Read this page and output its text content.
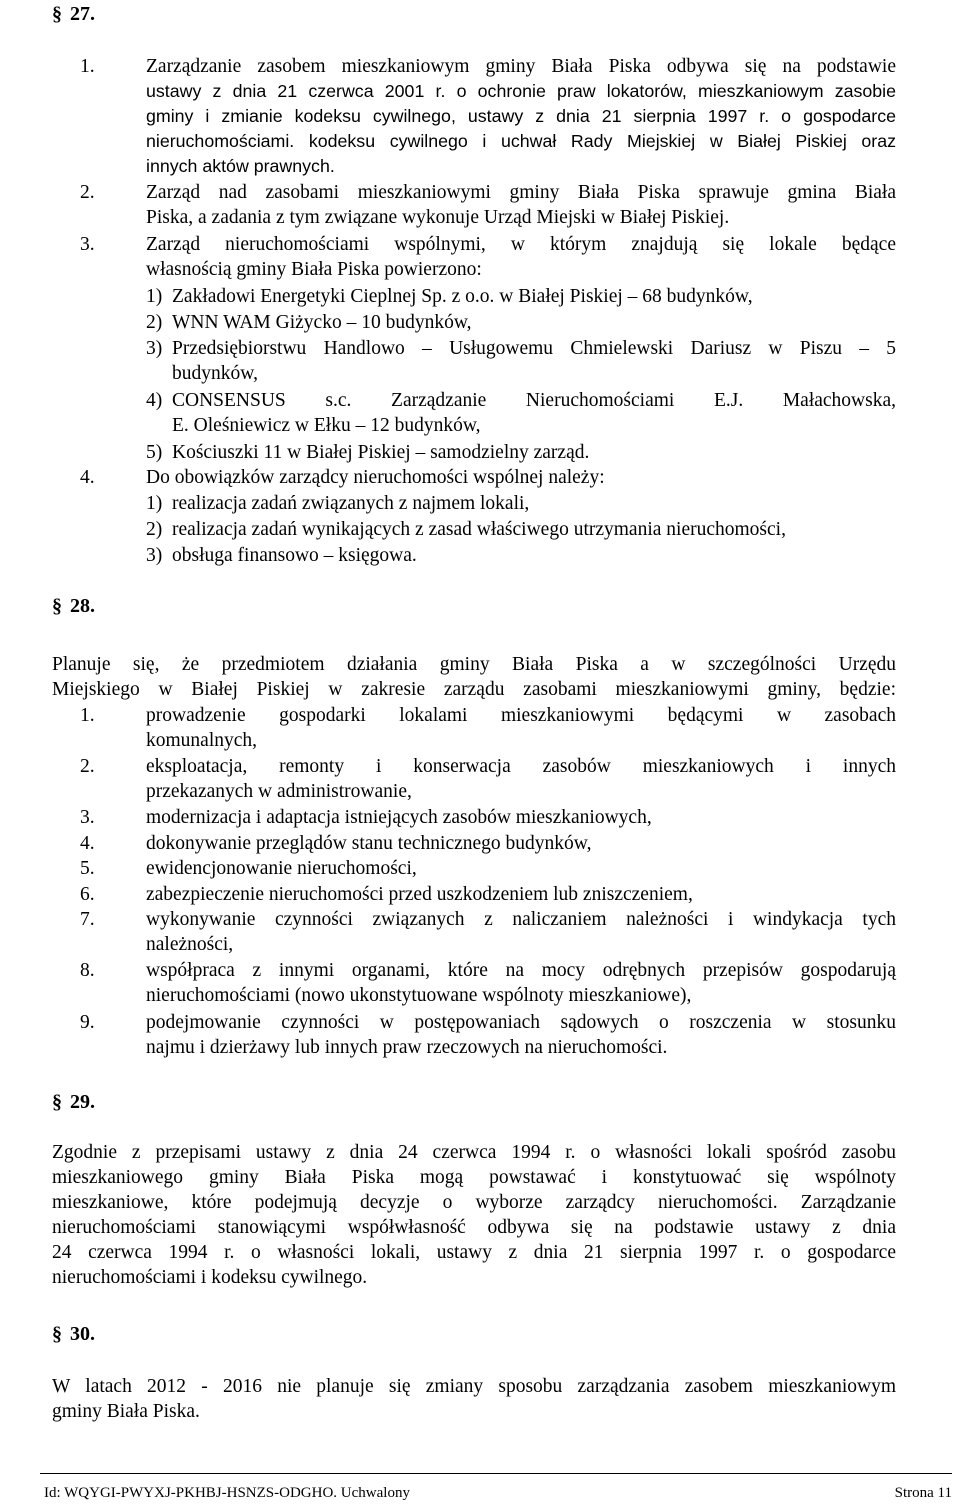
§ 27.
1.	Zarządzanie zasobem mieszkaniowym gminy Biała Piska odbywa się na podstawie
ustawy z dnia 21 czerwca 2001 r. o ochronie praw lokatorów, mieszkaniowym zasobie
gminy i zmianie kodeksu cywilnego, ustawy z dnia 21 sierpnia 1997 r. o gospodarce
nieruchomościami. kodeksu cywilnego i uchwał Rady Miejskiej w Białej Piskiej oraz
innych aktów prawnych.
2.	Zarząd nad zasobami mieszkaniowymi gminy Biała Piska sprawuje gmina Biała
Piska, a zadania z tym związane wykonuje Urząd Miejski w Białej Piskiej.
3.	Zarząd nieruchomościami wspólnymi, w którym znajdują się lokale będące
własnością gminy Biała Piska powierzono:
1) Zakładowi Energetyki Cieplnej Sp. z o.o. w Białej Piskiej – 68 budynków,
2) WNN WAM Giżycko – 10 budynków,
3) Przedsiębiorstwu Handlowo – Usługowemu Chmielewski Dariusz w Piszu – 5
budynków,
4) CONSENSUS s.c. Zarządzanie Nieruchomościami E.J. Małachowska,
E. Oleśniewicz w Ełku – 12 budynków,
5) Kościuszki 11 w Białej Piskiej – samodzielny zarząd.
4.	Do obowiązków zarządcy nieruchomości wspólnej należy:
1) realizacja zadań związanych z najmem lokali,
2) realizacja zadań wynikających z zasad właściwego utrzymania nieruchomości,
3) obsługa finansowo – księgowa.
§ 28.
Planuje się, że przedmiotem działania gminy Biała Piska a w szczególności Urzędu
Miejskiego w Białej Piskiej w zakresie zarządu zasobami mieszkaniowymi gminy, będzie:
1.	prowadzenie gospodarki lokalami mieszkaniowymi będącymi w zasobach
komunalnych,
2.	eksploatacja, remonty i konserwacja zasobów mieszkaniowych i innych
przekazanych w administrowanie,
3.	modernizacja i adaptacja istniejących zasobów mieszkaniowych,
4.	dokonywanie przeglądów stanu technicznego budynków,
5.	ewidencjonowanie nieruchomości,
6.	zabezpieczenie nieruchomości przed uszkodzeniem lub zniszczeniem,
7.	wykonywanie czynności związanych z naliczaniem należności i windykacja tych
należności,
8.	współpraca z innymi organami, które na mocy odrębnych przepisów gospodarują
nieruchomościami (nowo ukonstytuowane wspólnoty mieszkaniowe),
9.	podejmowanie czynności w postępowaniach sądowych o roszczenia w stosunku
najmu i dzierżawy lub innych praw rzeczowych na nieruchomości.
§ 29.
Zgodnie z przepisami ustawy z dnia 24 czerwca 1994 r. o własności lokali spośród zasobu
mieszkaniowego gminy Biała Piska mogą powstawać i konstytuować się wspólnoty
mieszkaniowe, które podejmują decyzje o wyborze zarządcy nieruchomości. Zarządzanie
nieruchomościami stanowiącymi współwłasność odbywa się na podstawie ustawy z dnia
24 czerwca 1994 r. o własności lokali, ustawy z dnia 21 sierpnia 1997 r. o gospodarce
nieruchomościami i kodeksu cywilnego.
§ 30.
W latach 2012 - 2016 nie planuje się zmiany sposobu zarządzania zasobem mieszkaniowym
gminy Biała Piska.
Id: WQYGI-PWYXJ-PKHBJ-HSNZS-ODGHO. Uchwalony	Strona 11
